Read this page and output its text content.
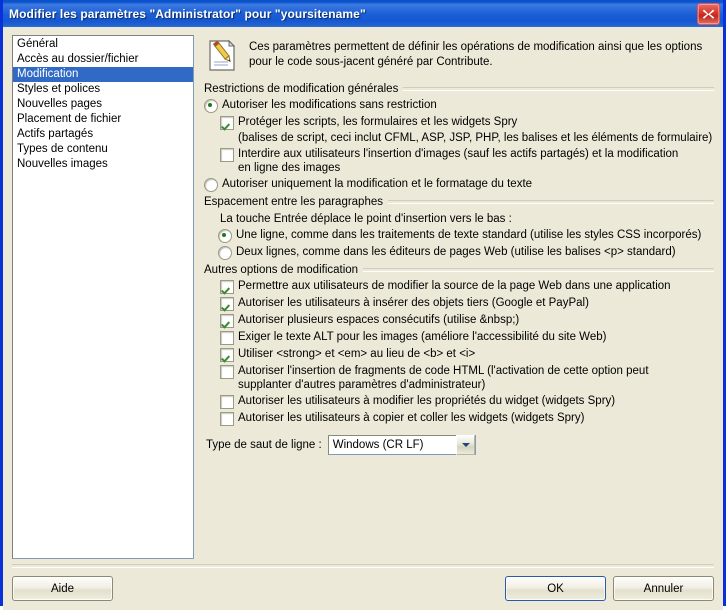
Modifier les paramètres "Administrator" pour "yoursitename"
Général
Accès au dossier/fichier
Modification
Styles et polices
Nouvelles pages
Placement de fichier
Actifs partagés
Types de contenu
Nouvelles images
Ces paramètres permettent de définir les opérations de modification ainsi que les options pour le code sous-jacent généré par Contribute.
Restrictions de modification générales
Autoriser les modifications sans restriction
Protéger les scripts, les formulaires et les widgets Spry
(balises de script, ceci inclut CFML, ASP, JSP, PHP, les balises et les éléments de formulaire)
Interdire aux utilisateurs l'insertion d'images (sauf les actifs partagés) et la modification en ligne des images
Autoriser uniquement la modification et le formatage du texte
Espacement entre les paragraphes
La touche Entrée déplace le point d'insertion vers le bas :
Une ligne, comme dans les traitements de texte standard (utilise les styles CSS incorporés)
Deux lignes, comme dans les éditeurs de pages Web (utilise les balises <p> standard)
Autres options de modification
Permettre aux utilisateurs de modifier la source de la page Web dans une application
Autoriser les utilisateurs à insérer des objets tiers (Google et PayPal)
Autoriser plusieurs espaces consécutifs (utilise &nbsp;)
Exiger le texte ALT pour les images (améliore l'accessibilité du site Web)
Utiliser <strong> et <em> au lieu de <b> et <i>
Autoriser l'insertion de fragments de code HTML (l'activation de cette option peut supplanter d'autres paramètres d'administrateur)
Autoriser les utilisateurs à modifier les propriétés du widget (widgets Spry)
Autoriser les utilisateurs à copier et coller les widgets (widgets Spry)
Type de saut de ligne : Windows (CR LF)
Aide	OK	Annuler
